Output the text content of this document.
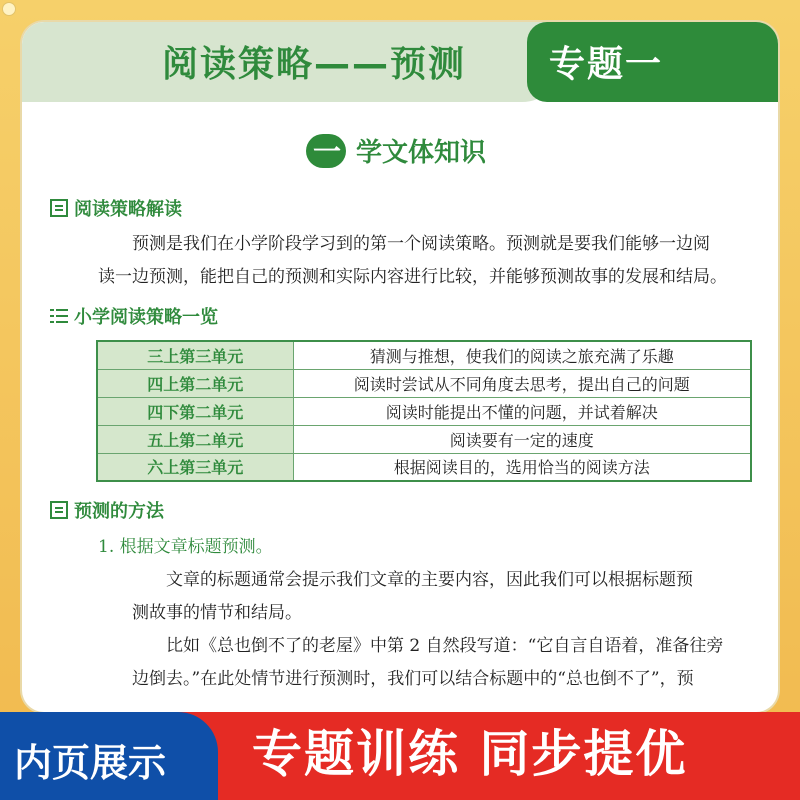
阅读策略——预测 专题一
一 学文体知识
阅读策略解读
预测是我们在小学阶段学习到的第一个阅读策略。预测就是要我们能够一边阅
读一边预测，能把自己的预测和实际内容进行比较，并能够预测故事的发展和结局。
小学阅读策略一览
三上第三单元	猜测与推想，使我们的阅读之旅充满了乐趣
四上第二单元	阅读时尝试从不同角度去思考，提出自己的问题
四下第二单元	阅读时能提出不懂的问题，并试着解决
五上第二单元	阅读要有一定的速度
六上第三单元	根据阅读目的，选用恰当的阅读方法
预测的方法
1. 根据文章标题预测。
文章的标题通常会提示我们文章的主要内容，因此我们可以根据标题预
测故事的情节和结局。
比如《总也倒不了的老屋》中第 2 自然段写道：“它自言自语着，准备往旁
边倒去。”在此处情节进行预测时，我们可以结合标题中的“总也倒不了”，预
内页展示 专题训练 同步提优
